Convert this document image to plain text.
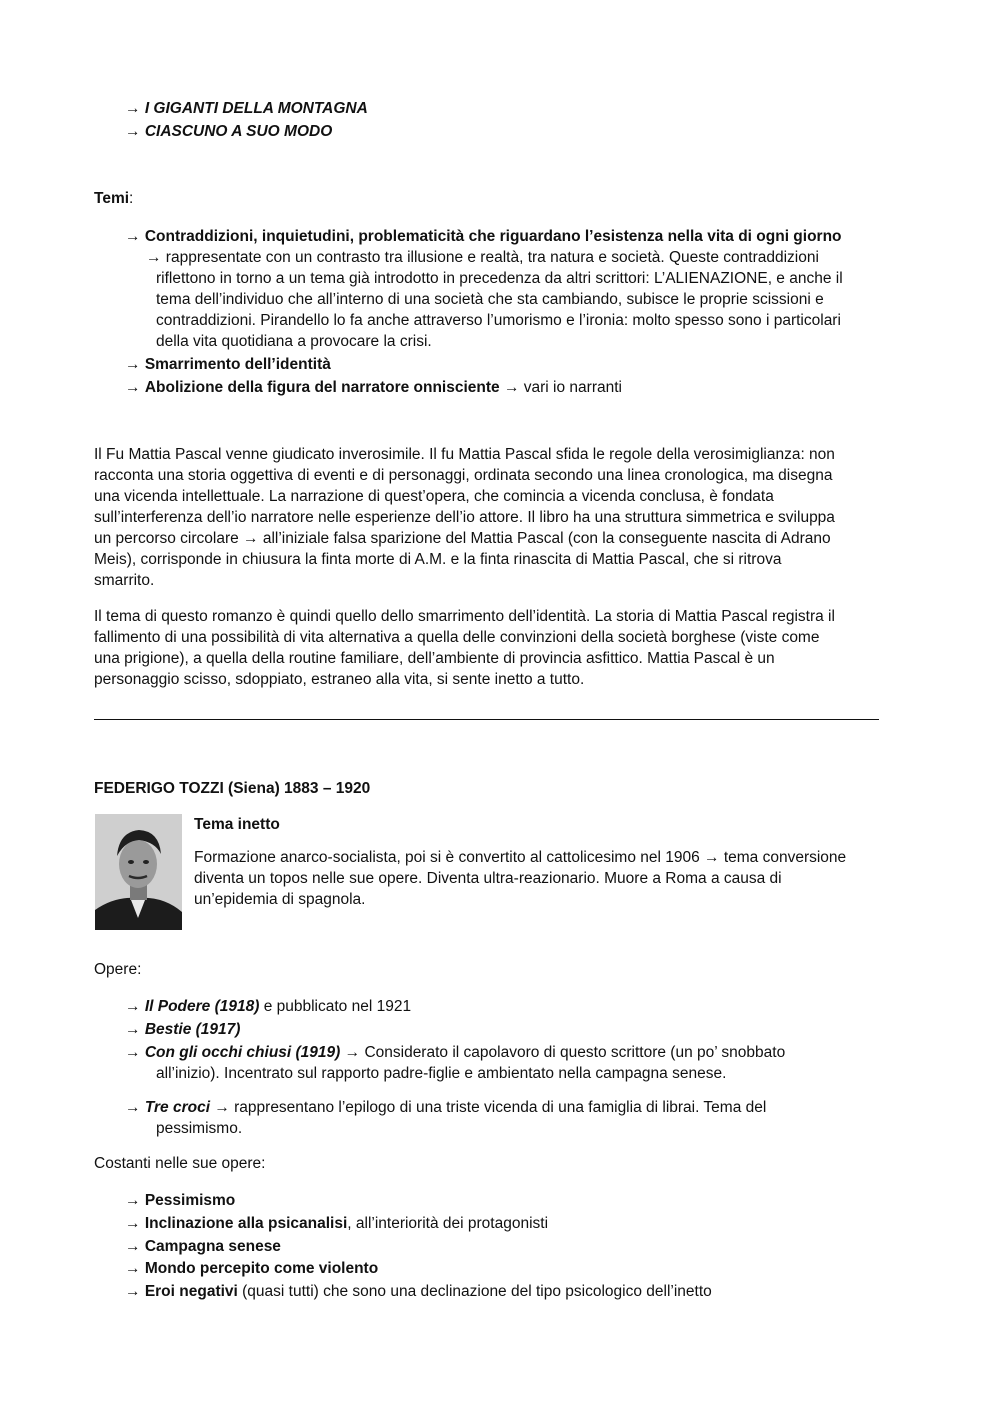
→ I GIGANTI DELLA MONTAGNA
→ CIASCUNO A SUO MODO
Temi:
→ Contraddizioni, inquietudini, problematicità che riguardano l’esistenza nella vita di ogni giorno
→ rappresentate con un contrasto tra illusione e realtà, tra natura e società. Queste contraddizioni
riflettono in torno a un tema già introdotto in precedenza da altri scrittori: L’ALIENAZIONE, e anche il
tema dell’individuo che all’interno di una società che sta cambiando, subisce le proprie scissioni e
contraddizioni. Pirandello lo fa anche attraverso l’umorismo e l’ironia: molto spesso sono i particolari
della vita quotidiana a provocare la crisi.
→ Smarrimento dell’identità
→ Abolizione della figura del narratore onnisciente → vari io narranti
Il Fu Mattia Pascal venne giudicato inverosimile. Il fu Mattia Pascal sfida le regole della verosimiglianza: non
racconta una storia oggettiva di eventi e di personaggi, ordinata secondo una linea cronologica, ma disegna
una vicenda intellettuale. La narrazione di quest’opera, che comincia a vicenda conclusa, è fondata
sull’interferenza dell’io narratore nelle esperienze dell’io attore. Il libro ha una struttura simmetrica e sviluppa
un percorso circolare → all’iniziale falsa sparizione del Mattia Pascal (con la conseguente nascita di Adrano
Meis), corrisponde in chiusura la finta morte di A.M. e la finta rinascita di Mattia Pascal, che si ritrova
smarrito.
Il tema di questo romanzo è quindi quello dello smarrimento dell’identità. La storia di Mattia Pascal registra il
fallimento di una possibilità di vita alternativa a quella delle convinzioni della società borghese (viste come
una prigione), a quella della routine familiare, dell’ambiente di provincia asfittico. Mattia Pascal è un
personaggio scisso, sdoppiato, estraneo alla vita, si sente inetto a tutto.
FEDERIGO TOZZI (Siena) 1883 – 1920
Tema inetto
Formazione anarco-socialista, poi si è convertito al cattolicesimo nel 1906 → tema conversione
diventa un topos nelle sue opere. Diventa ultra-reazionario. Muore a Roma a causa di
un’epidemia di spagnola.
Opere:
→ Il Podere (1918) e pubblicato nel 1921
→ Bestie (1917)
→ Con gli occhi chiusi (1919) → Considerato il capolavoro di questo scrittore (un po’ snobbato
all’inizio). Incentrato sul rapporto padre-figlie e ambientato nella campagna senese.
→ Tre croci → rappresentano l’epilogo di una triste vicenda di una famiglia di librai. Tema del
pessimismo.
Costanti nelle sue opere:
→ Pessimismo
→ Inclinazione alla psicanalisi, all’interiorità dei protagonisti
→ Campagna senese
→ Mondo percepito come violento
→ Eroi negativi (quasi tutti) che sono una declinazione del tipo psicologico dell’inetto
